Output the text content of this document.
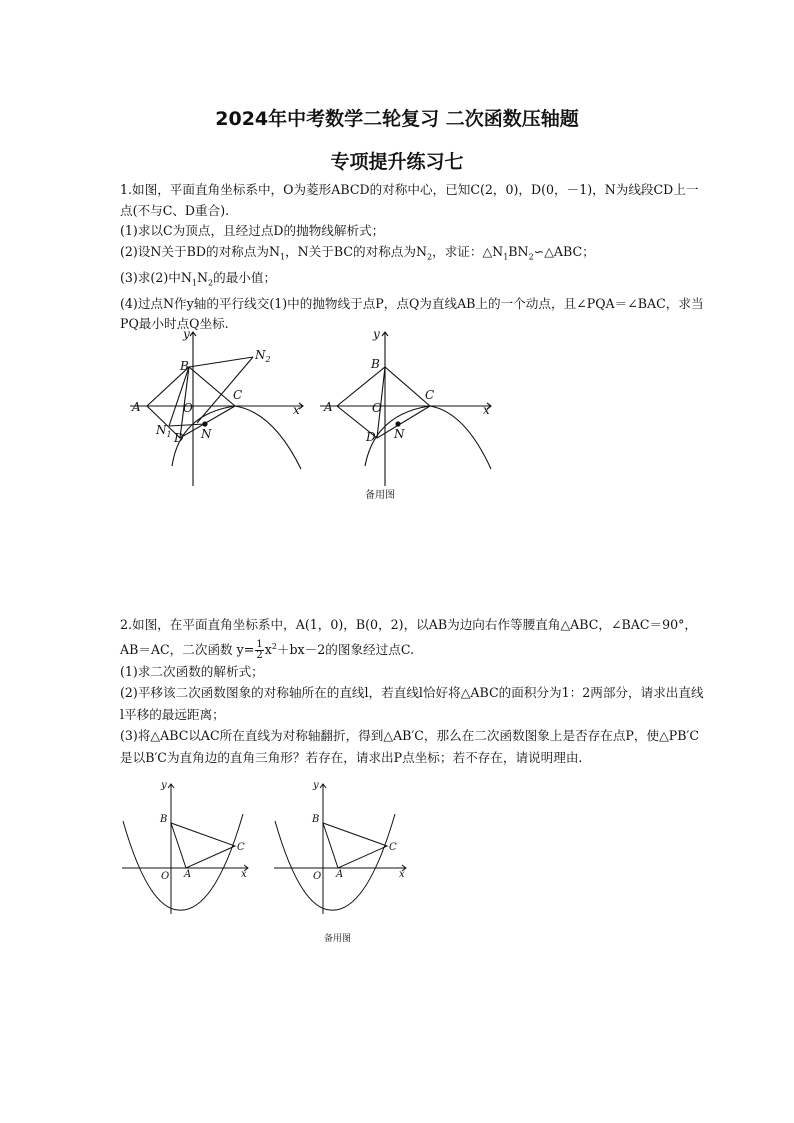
2024年中考数学二轮复习 二次函数压轴题
专项提升练习七

1.如图，平面直角坐标系中，O为菱形ABCD的对称中心，已知C(2，0)，D(0，－1)，N为线段CD上一点(不与C、D重合).

(1)求以C为顶点，且经过点D的抛物线解析式；

(2)设N关于BD的对称点为$N_1$，N关于BC的对称点为$N_2$，求证：$\triangle N_1BN_2∽\triangle ABC$；

(3)求(2)中$N_1N_2$的最小值；

(4)过点N作y轴的平行线交(1)中的抛物线于点P，点Q为直线AB上的一个动点，且∠PQA＝∠BAC，求当PQ最小时点Q坐标.

A
B
$N_2$
O
C
$N_1$ D N
y
x A
B
O
C
D N
y
x
备用图

2.如图，在平面直角坐标系中，A(1，0)，B(0，2)，以AB为边向右作等腰直角△ABC，∠BAC＝90°，AB＝AC，二次函数 $y= \frac{1}{2} x^2+bx-2$的图象经过点C.

(1)求二次函数的解析式；

(2)平移该二次函数图象的对称轴所在的直线l，若直线l恰好将△ABC的面积分为1：2两部分，请求出直线l平移的最远距离；

(3)将△ABC以AC所在直线为对称轴翻折，得到△AB′C，那么在二次函数图象上是否存在点P，使△PB′C是以B′C为直角边的直角三角形？若存在，请求出P点坐标；若不存在，请说明理由.

y
x
B
C
O A
y
x
B
C
O A
备用图
